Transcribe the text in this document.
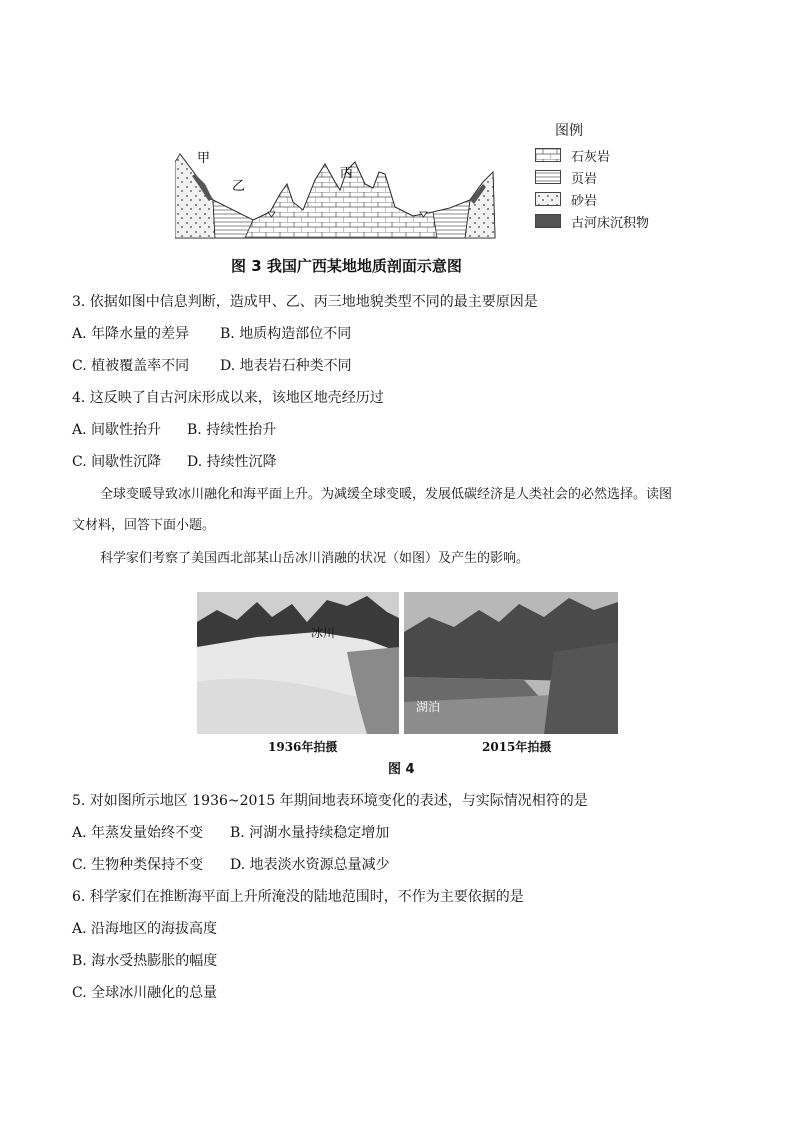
甲
乙
丙
图例
石灰岩
页岩
砂岩
古河床沉积物
图 3 我国广西某地地质剖面示意图
3. 依据如图中信息判断，造成甲、乙、丙三地地貌类型不同的最主要原因是
A. 年降水量的差异 B. 地质构造部位不同
C. 植被覆盖率不同 D. 地表岩石种类不同
4. 这反映了自古河床形成以来，该地区地壳经历过
A. 间歇性抬升 B. 持续性抬升
C. 间歇性沉降 D. 持续性沉降
全球变暖导致冰川融化和海平面上升。为减缓全球变暖，发展低碳经济是人类社会的必然选择。读图
文材料，回答下面小题。
科学家们考察了美国西北部某山岳冰川消融的状况（如图）及产生的影响。
冰川
湖泊
1936年拍摄	2015年拍摄
图 4
5. 对如图所示地区 1936~2015 年期间地表环境变化的表述，与实际情况相符的是
A. 年蒸发量始终不变 B. 河湖水量持续稳定增加
C. 生物种类保持不变 D. 地表淡水资源总量减少
6. 科学家们在推断海平面上升所淹没的陆地范围时，不作为主要依据的是
A. 沿海地区的海拔高度
B. 海水受热膨胀的幅度
C. 全球冰川融化的总量
